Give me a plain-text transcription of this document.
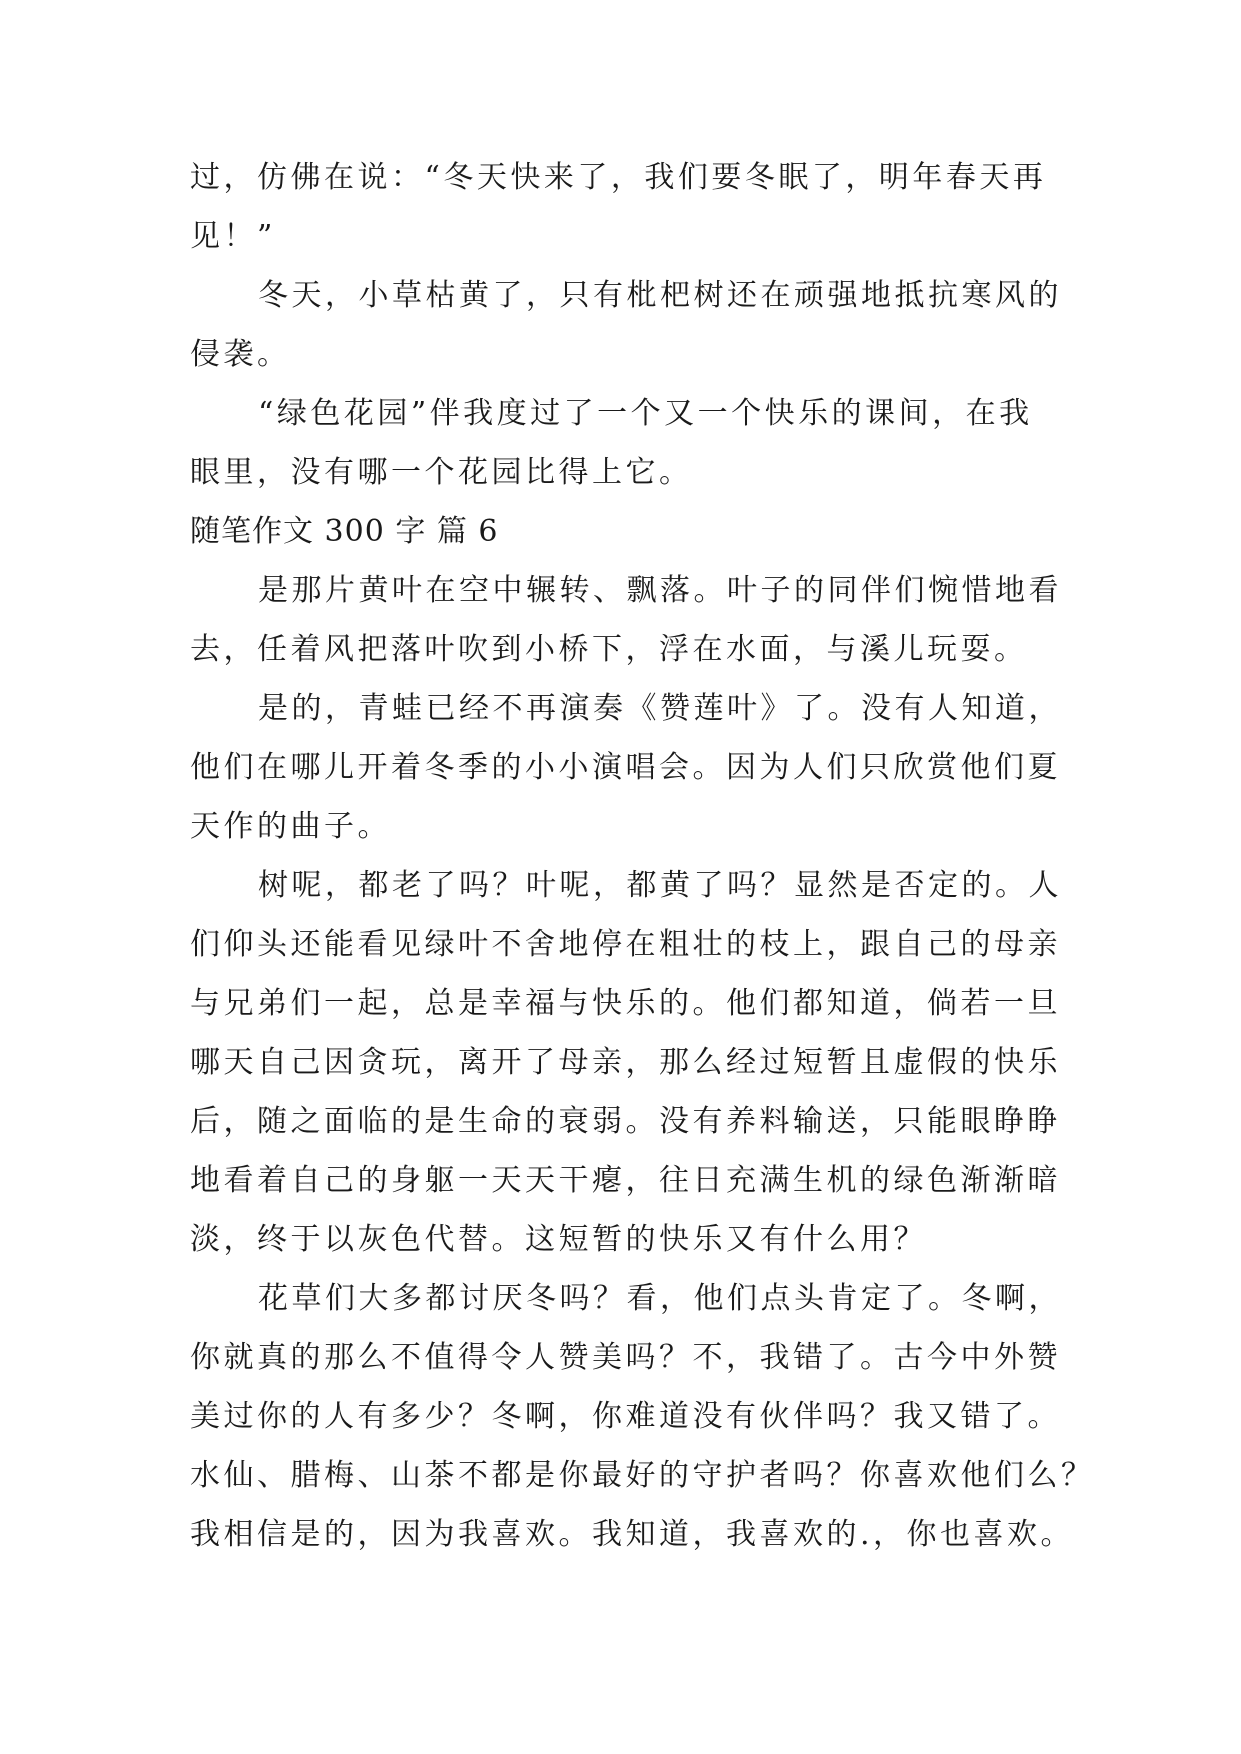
过，仿佛在说：“冬天快来了，我们要冬眠了，明年春天再
见！”
冬天，小草枯黄了，只有枇杷树还在顽强地抵抗寒风的
侵袭。
“绿色花园”伴我度过了一个又一个快乐的课间，在我
眼里，没有哪一个花园比得上它。
随笔作文 300 字 篇 6
是那片黄叶在空中辗转、飘落。叶子的同伴们惋惜地看
去，任着风把落叶吹到小桥下，浮在水面，与溪儿玩耍。
是的，青蛙已经不再演奏《赞莲叶》了。没有人知道，
他们在哪儿开着冬季的小小演唱会。因为人们只欣赏他们夏
天作的曲子。
树呢，都老了吗？叶呢，都黄了吗？显然是否定的。人
们仰头还能看见绿叶不舍地停在粗壮的枝上，跟自己的母亲
与兄弟们一起，总是幸福与快乐的。他们都知道，倘若一旦
哪天自己因贪玩，离开了母亲，那么经过短暂且虚假的快乐
后，随之面临的是生命的衰弱。没有养料输送，只能眼睁睁
地看着自己的身躯一天天干瘪，往日充满生机的绿色渐渐暗
淡，终于以灰色代替。这短暂的快乐又有什么用？
花草们大多都讨厌冬吗？看，他们点头肯定了。冬啊，
你就真的那么不值得令人赞美吗？不，我错了。古今中外赞
美过你的人有多少？冬啊，你难道没有伙伴吗？我又错了。
水仙、腊梅、山茶不都是你最好的守护者吗？你喜欢他们么？
我相信是的，因为我喜欢。我知道，我喜欢的.，你也喜欢。
